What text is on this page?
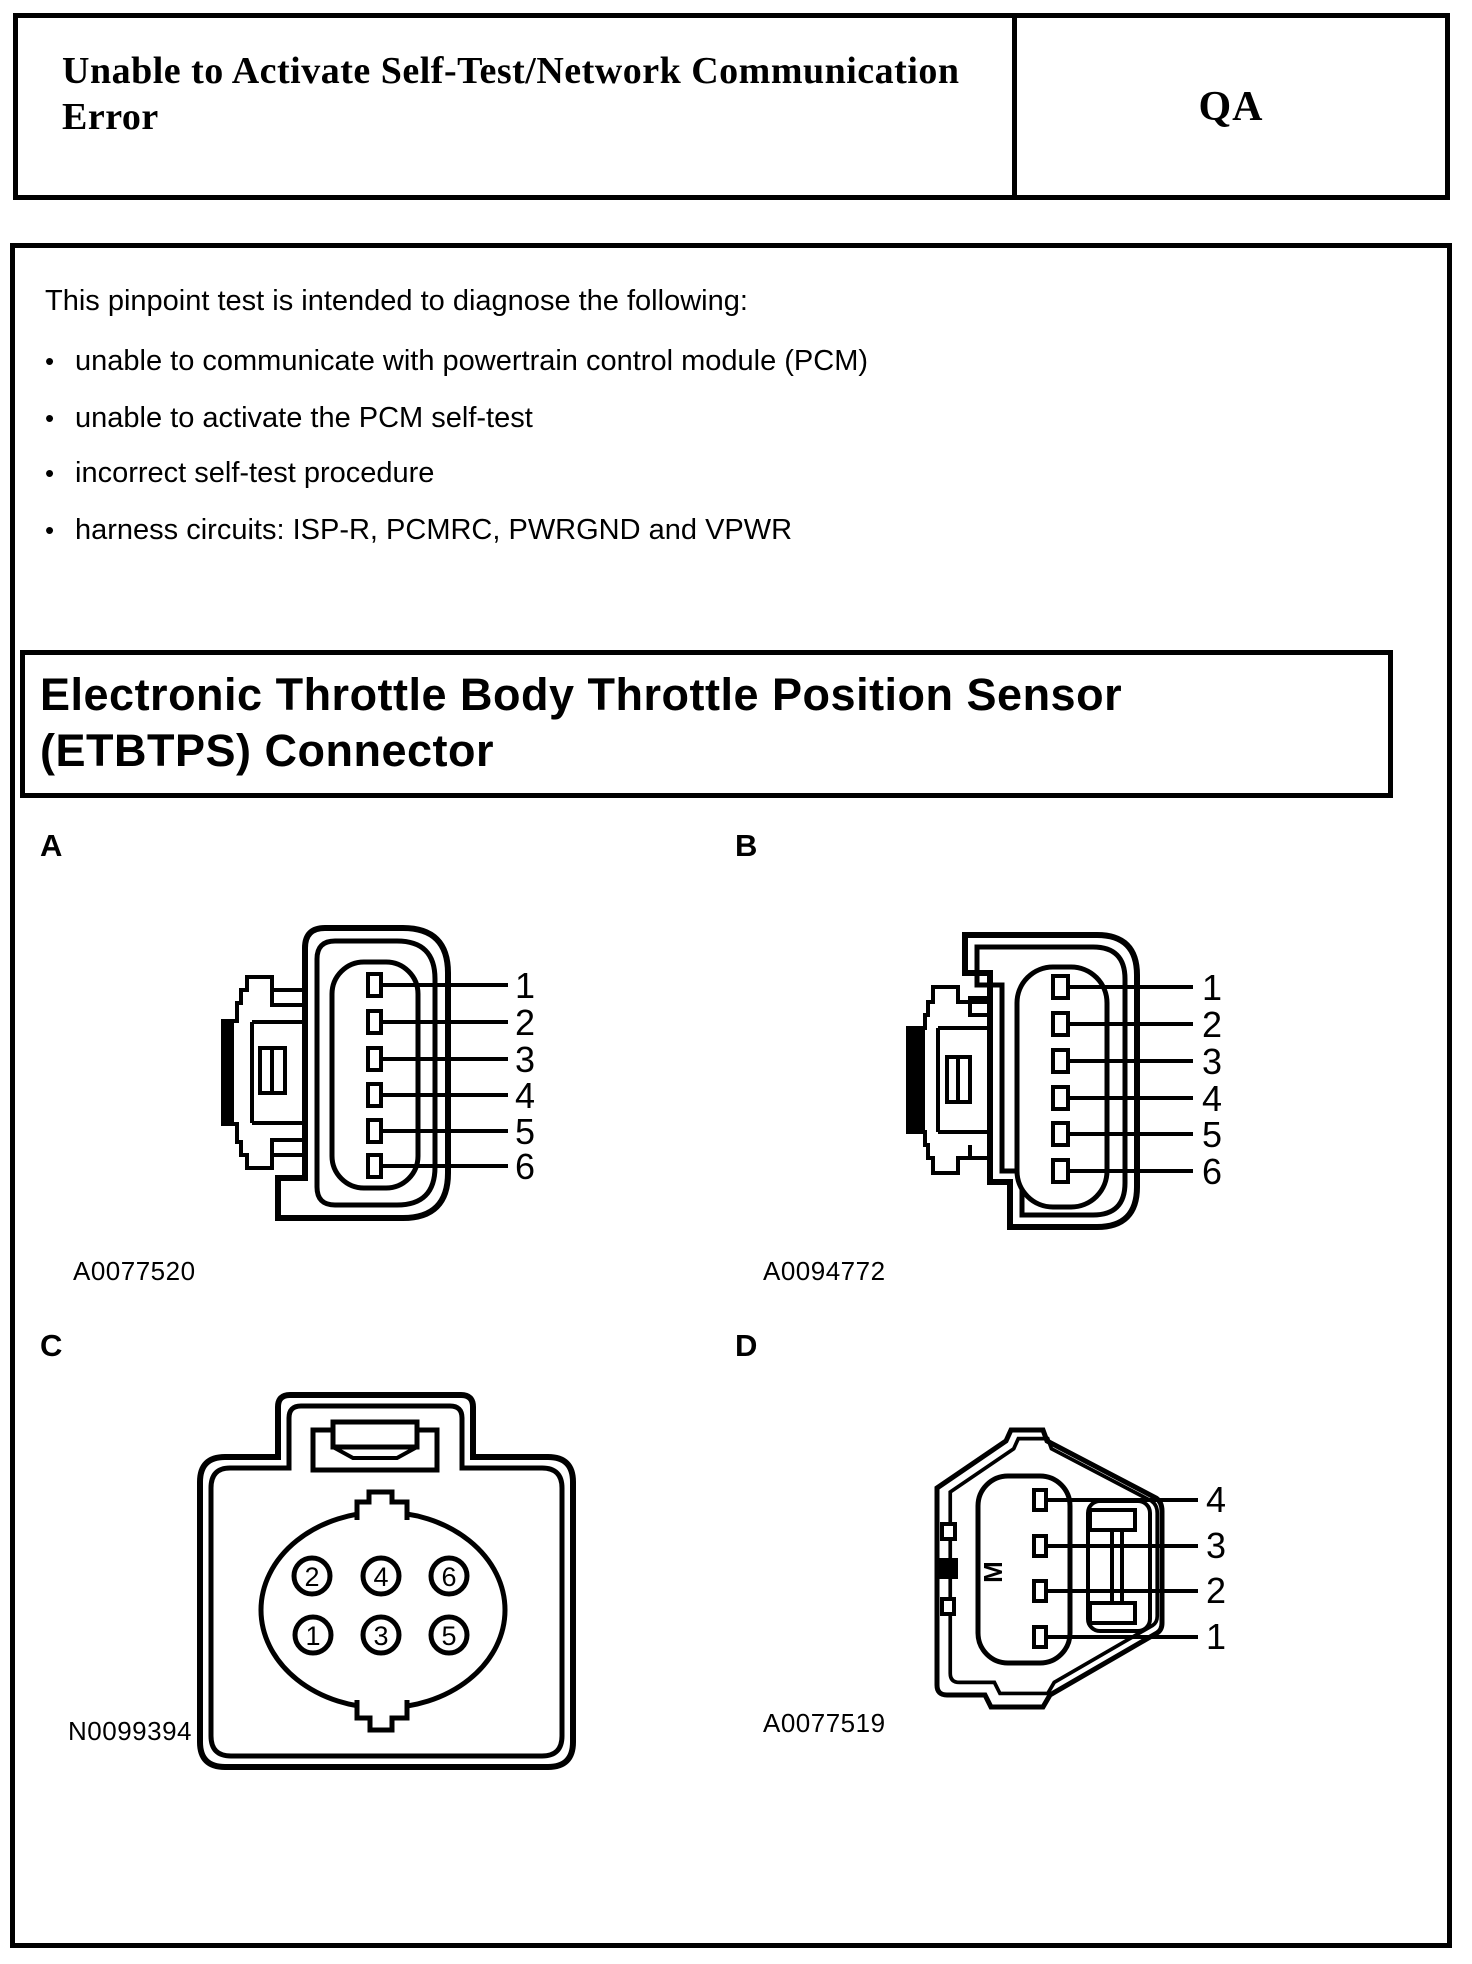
Unable to Activate Self-Test/Network Communication Error	QA
This pinpoint test is intended to diagnose the following:
• unable to communicate with powertrain control module (PCM)
• unable to activate the PCM self-test
• incorrect self-test procedure
• harness circuits: ISP-R, PCMRC, PWRGND and VPWR
Electronic Throttle Body Throttle Position Sensor
(ETBTPS) Connector
A	B
C	D
1
2
3
4
5
6
A0077520
1
2
3
4
5
6
A0094772
2 4 6
1 3 5
N0099394
M
4
3
2
1
A0077519
